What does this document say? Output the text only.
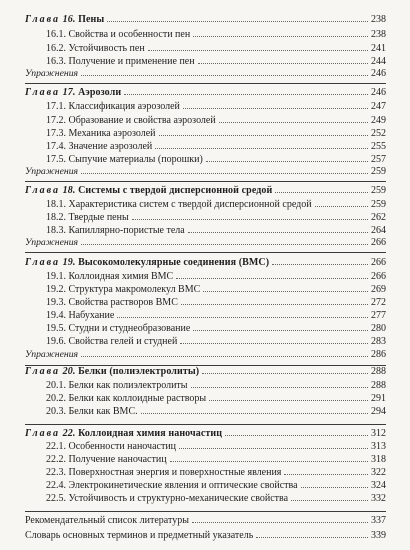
Глава 16. Пены	238
16.1. Свойства и особенности пен	238
16.2. Устойчивость пен	241
16.3. Получение и применение пен	244
Упражнения	246
Глава 17. Аэрозоли	246
17.1. Классификация аэрозолей	247
17.2. Образование и свойства аэрозолей	249
17.3. Механика аэрозолей	252
17.4. Значение аэрозолей	255
17.5. Сыпучие материалы (порошки)	257
Упражнения	259
Глава 18. Системы с твердой дисперсионной средой	259
18.1. Характеристика систем с твердой дисперсионной средой	259
18.2. Твердые пены	262
18.3. Капиллярно-пористые тела	264
Упражнения	266
Глава 19. Высокомолекулярные соединения (ВМС)	266
19.1. Коллоидная химия ВМС	266
19.2. Структура макромолекул ВМС	269
19.3. Свойства растворов ВМС	272
19.4. Набухание	277
19.5. Студни и студнеобразование	280
19.6. Свойства гелей и студней	283
Упражнения	286
Глава 20. Белки (полиэлектролиты)	288
20.1. Белки как полиэлектролиты	288
20.2. Белки как коллоидные растворы	291
20.3. Белки как ВМС.	294
Глава 22. Коллоидная химия наночастиц	312
22.1. Особенности наночастиц	313
22.2. Получение наночастиц	318
22.3. Поверхностная энергия и поверхностные явления	322
22.4. Электрокинетические явления и оптические свойства	324
22.5. Устойчивость и структурно-механические свойства	332
Рекомендательный список литературы	337
Словарь основных терминов и предметный указатель	339
